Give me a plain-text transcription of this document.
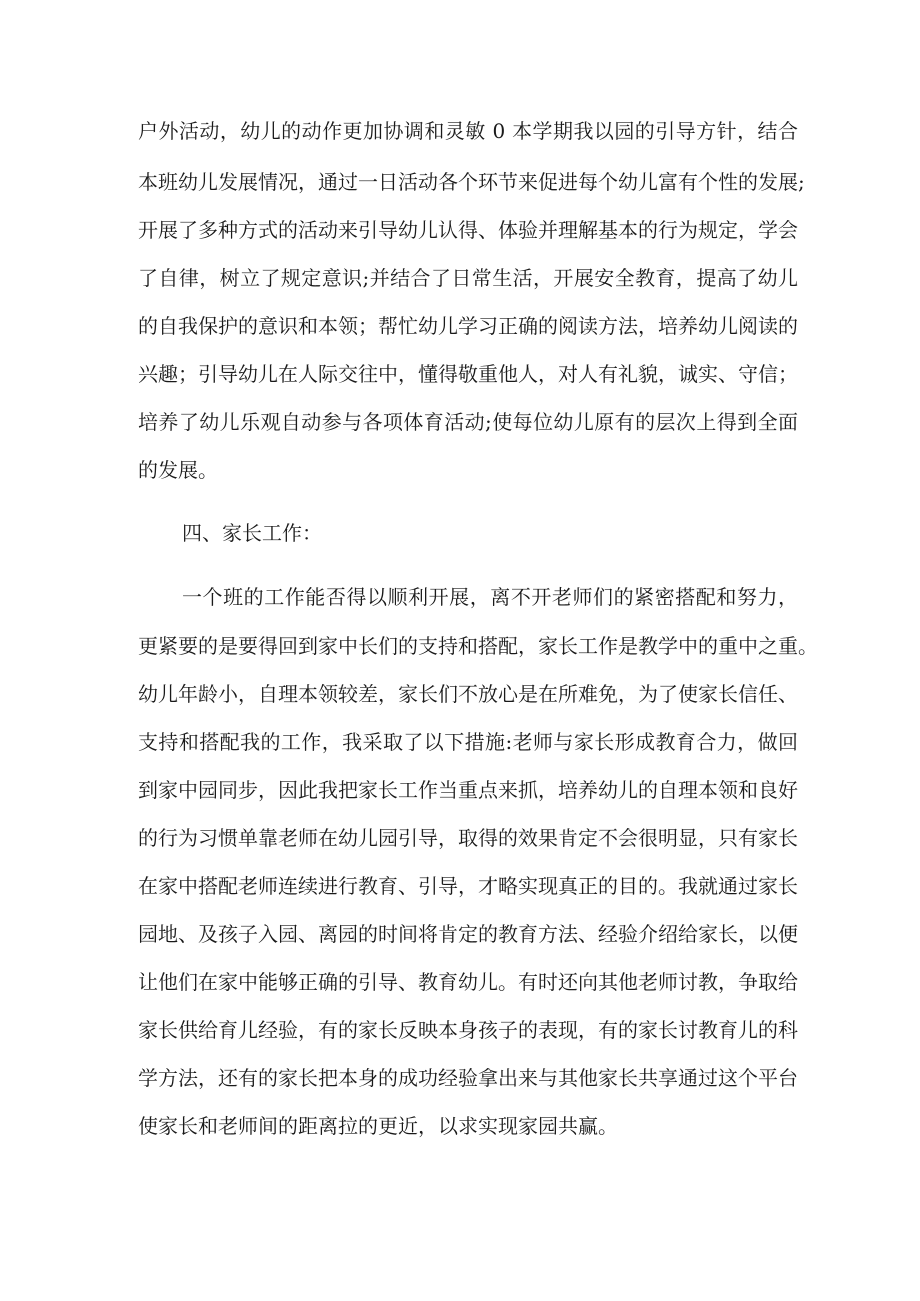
户外活动，幼儿的动作更加协调和灵敏 0 本学期我以园的引导方针，结合
本班幼儿发展情况，通过一日活动各个环节来促进每个幼儿富有个性的发展;
开展了多种方式的活动来引导幼儿认得、体验并理解基本的行为规定，学会
了自律，树立了规定意识;并结合了日常生活，开展安全教育，提高了幼儿
的自我保护的意识和本领；帮忙幼儿学习正确的阅读方法，培养幼儿阅读的
兴趣；引导幼儿在人际交往中，懂得敬重他人，对人有礼貌，诚实、守信；
培养了幼儿乐观自动参与各项体育活动;使每位幼儿原有的层次上得到全面
的发展。
四、家长工作：
一个班的工作能否得以顺利开展，离不开老师们的紧密搭配和努力，
更紧要的是要得回到家中长们的支持和搭配，家长工作是教学中的重中之重。
幼儿年龄小，自理本领较差，家长们不放心是在所难免，为了使家长信任、
支持和搭配我的工作，我采取了以下措施:老师与家长形成教育合力，做回
到家中园同步，因此我把家长工作当重点来抓，培养幼儿的自理本领和良好
的行为习惯单靠老师在幼儿园引导，取得的效果肯定不会很明显，只有家长
在家中搭配老师连续进行教育、引导，才略实现真正的目的。我就通过家长
园地、及孩子入园、离园的时间将肯定的教育方法、经验介绍给家长，以便
让他们在家中能够正确的引导、教育幼儿。有时还向其他老师讨教，争取给
家长供给育儿经验，有的家长反映本身孩子的表现，有的家长讨教育儿的科
学方法，还有的家长把本身的成功经验拿出来与其他家长共享通过这个平台
使家长和老师间的距离拉的更近，以求实现家园共赢。
